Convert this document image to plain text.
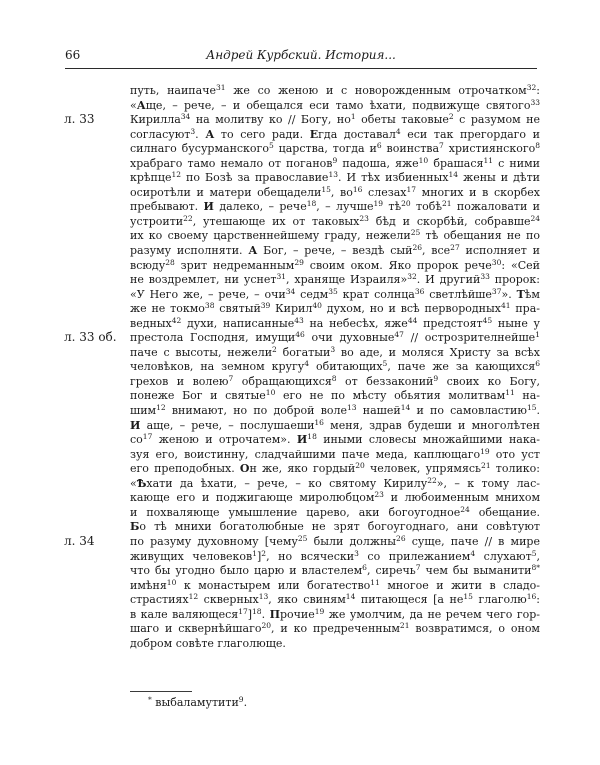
66	Андрей Курбский. История...
л. 33
л. 33 об.
л. 34
путь, наипаче$^{31}$ же со женою и с новорожденным отрочатком$^{32}$:
«Аще, – рече, – и обещался еси тамо ѣхати, подвижуще святого$^{33}$
Кирилла$^{34}$ на молитву ко // Богу, $но^1$ обеты таковые$^2$ с разумом не
согласуют$^3$. А то сего ради. Егда доставал$^4$ еси так прегордаго и
силнаго бусурманского$^5$ царства, тогда $и^6$ воинства$^7$ християнского$^8$
храбраго тамо немало от поганов$^9$ падоша, яже$^{10}$ брашася$^{11}$ с ними
крѣпце$^{12}$ по Бозѣ за православие$^{13}$. И тѣх избиенных$^{14}$ жены и дѣти
осиротѣли и матери обещадели$^{15}$, $во^{16}$ слезах$^{17}$ многих и в скорбех
пребывают. И далеко, – рече$^{18}$, – лучше$^{19}$ $тѣ^{20}$ тобѣ$^{21}$ пожаловати и
устроити$^{22}$, утешающе их от таковых$^{23}$ бѣд и скорбѣй, собравше$^{24}$
их ко своему царственнейшему граду, нежели$^{25}$ тѣ обещания не по
разуму исполняти. А Бог, – рече, – вездѣ сый$^{26}$, все$^{27}$ исполняет и
всюду$^{28}$ зрит недреманным$^{29}$ своим оком. Яко пророк рече$^{30}$: «Сей
не воздремлет, ни уснет$^{31}$, храняще Израиля»$^{32}$. И другий$^{33}$ пророк:
«У Него же, – рече, – очи$^{34}$ седм$^{35}$ крат солнца$^{36}$ светлѣйше$^{37}$». Тѣм
же не токмо$^{38}$ святый$^{39}$ Кирил$^{40}$ духом, но и всѣ первородных$^{41}$ пра-
ведных$^{42}$ духи, написанные$^{43}$ на небесѣх, яже$^{44}$ предстоят$^{45}$ ныне у
престола Господня, имущи$^{46}$ очи духовные$^{47}$ // острозрителнейше$^1$
паче с высоты, нежели$^2$ богатыи$^3$ во аде, и моляся Христу за всѣх
человѣков, на земном кругу$^4$ обитающих$^5$, паче же за кающихся$^6$
грехов и волею$^7$ обращающихся$^8$ от беззаконий$^9$ своих ко Богу,
понеже Бог и святые$^{10}$ его не по мѣсту обьятия молитвам$^{11}$ на-
шим$^{12}$ внимают, но по доброй воле$^{13}$ нашей$^{14}$ и по самовластию$^{15}$.
И аще, – рече, – послушаеши$^{16}$ меня, здрав будеши и многолѣтен
$со^{17}$ женою и отрочатем». $И^{18}$ иными словесы множайшими нака-
зуя его, воистинну, сладчайшими паче меда, каплющаго$^{19}$ ото уст
его преподобных. Он же, яко гордый$^{20}$ человек, упрямясь$^{21}$ толико:
«Ѣхати да ѣхати, – рече, – ко святому Кирилу$^{22}$», – к тому лас-
кающе его и поджигающе миролюбцом$^{23}$ и любоименным мнихом
и похваляюще умышление царево, аки богоугодное$^{24}$ обещание.
Бо тѣ мнихи богатолюбные не зрят богоугоднаго, ани совѣтуют
по разуму духовному [чему$^{25}$ были должны$^{26}$ суще, паче // в мире
живущих человеков$^1$]$^2$, но всячески$^3$ со прилежанием$^4$ слухают$^5$,
что бы угодно было царю и властелем$^6$, сиречь$^7$ чем бы выманити$^{8*}$
имѣня$^{10}$ к монастырем или богатество$^{11}$ многое и жити в сладо-
страстиях$^{12}$ скверных$^{13}$, яко свиням$^{14}$ питающеся [а $не^{15}$ глаголю$^{16}$:
в кале валяющеся$^{17}$]$^{18}$. Прочие$^{19}$ же умолчим, да не речем чего гор-
шаго и сквернѣйшаго$^{20}$, и ко предреченным$^{21}$ возвратимся, о оном
добром совѣте глаголюще.
* выбаламутити$^9$.
